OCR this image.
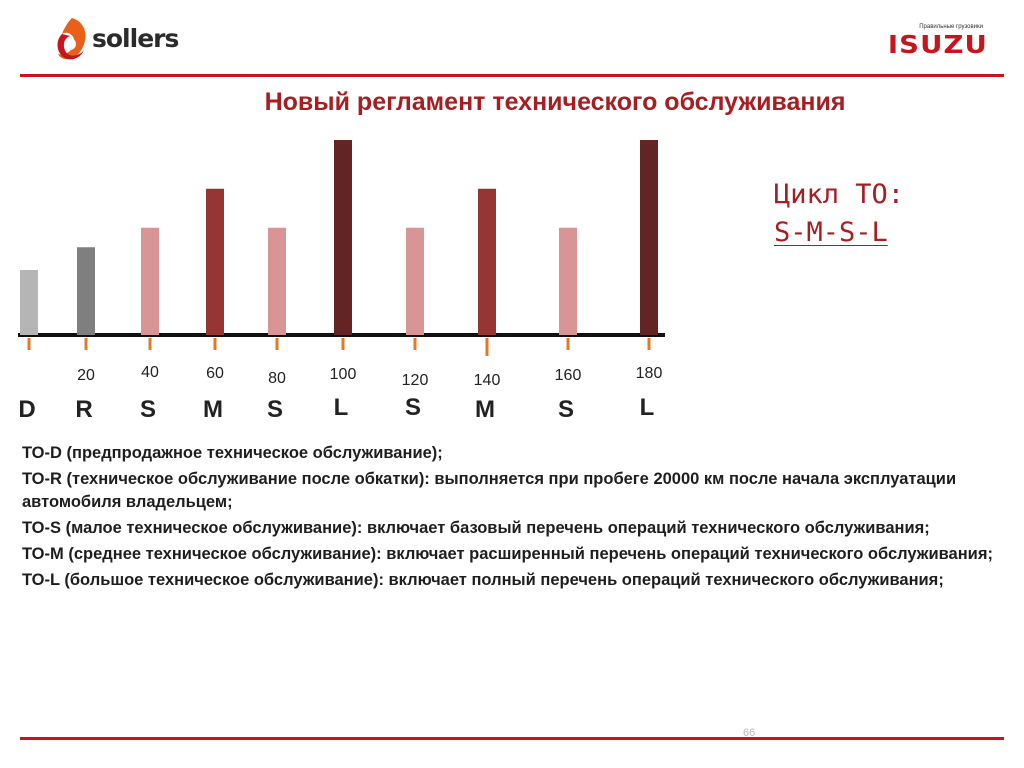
sollers	Правильные грузовики
ISUZU
Новый регламент технического обслуживания
Цикл ТО:
S-M-S-L
D
20
R
40
S
60
M
80
S
100
L
120
S
140
M
160
S
180
L

ТО-D (предпродажное техническое обслуживание);

ТО-R (техническое обслуживание после обкатки): выполняется при пробеге 20000 км после начала эксплуатации автомобиля владельцем;

ТО-S (малое техническое обслуживание): включает базовый перечень операций технического обслуживания;

ТО-M (среднее техническое обслуживание): включает расширенный перечень операций технического обслуживания;

ТО-L (большое техническое обслуживание): включает полный перечень операций технического обслуживания;

66
